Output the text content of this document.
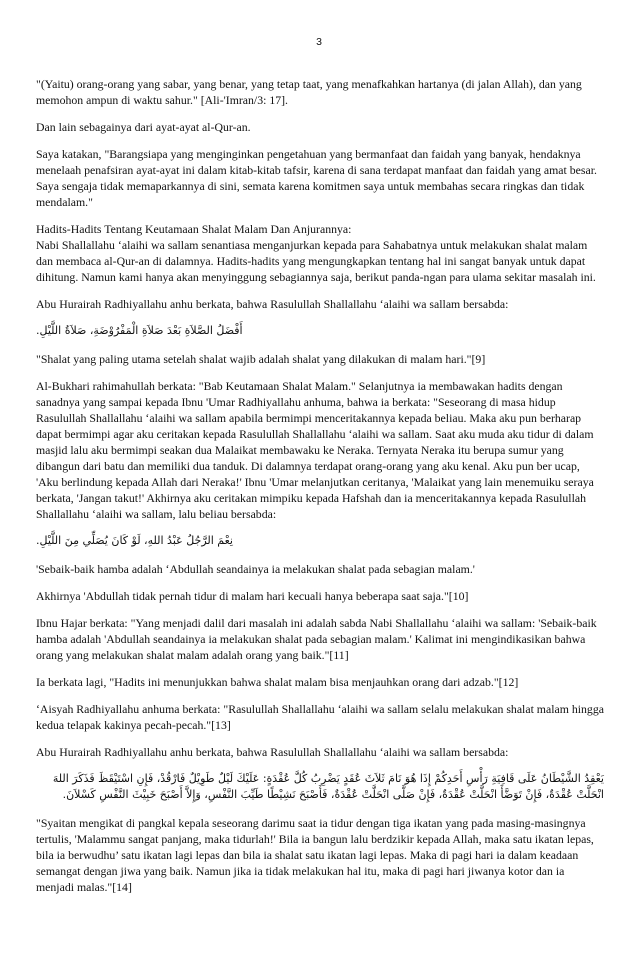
3

"(Yaitu) orang-orang yang sabar, yang benar, yang tetap taat, yang menafkahkan hartanya (di jalan Allah), dan yang memohon ampun di waktu sahur." [Ali-'Imran/3: 17].

Dan lain sebagainya dari ayat-ayat al-Qur-an.

Saya katakan, "Barangsiapa yang menginginkan pengetahuan yang bermanfaat dan faidah yang banyak, hendaknya menelaah penafsiran ayat-ayat ini dalam kitab-kitab tafsir, karena di sana terdapat manfaat dan faidah yang amat besar. Saya sengaja tidak memaparkannya di sini, semata karena komitmen saya untuk membahas secara ringkas dan tidak mendalam."

Hadits-Hadits Tentang Keutamaan Shalat Malam Dan Anjurannya:
Nabi Shallallahu ‘alaihi wa sallam senantiasa menganjurkan kepada para Sahabatnya untuk melakukan shalat malam dan membaca al-Qur-an di dalamnya. Hadits-hadits yang mengungkapkan tentang hal ini sangat banyak untuk dapat dihitung. Namun kami hanya akan menyinggung sebagiannya saja, berikut panda-ngan para ulama sekitar masalah ini.

Abu Hurairah Radhiyallahu anhu berkata, bahwa Rasulullah Shallallahu ‘alaihi wa sallam bersabda:

أَفْضَلُ الصَّلاَةِ بَعْدَ صَلاَةِ الْمَفْرُوْضَةِ، صَلاَةُ اللَّيْلِ.

"Shalat yang paling utama setelah shalat wajib adalah shalat yang dilakukan di malam hari."[9]

Al-Bukhari rahimahullah berkata: "Bab Keutamaan Shalat Malam." Selanjutnya ia membawakan hadits dengan sanadnya yang sampai kepada Ibnu 'Umar Radhiyallahu anhuma, bahwa ia berkata: "Seseorang di masa hidup Rasulullah Shallallahu ‘alaihi wa sallam apabila bermimpi menceritakannya kepada beliau. Maka aku pun berharap dapat bermimpi agar aku ceritakan kepada Rasulullah Shallallahu ‘alaihi wa sallam. Saat aku muda aku tidur di dalam masjid lalu aku bermimpi seakan dua Malaikat membawaku ke Neraka. Ternyata Neraka itu berupa sumur yang dibangun dari batu dan memiliki dua tanduk. Di dalamnya terdapat orang-orang yang aku kenal. Aku pun ber ucap, 'Aku berlindung kepada Allah dari Neraka!' Ibnu 'Umar melanjutkan ceritanya, 'Malaikat yang lain menemuiku seraya berkata, 'Jangan takut!' Akhirnya aku ceritakan mimpiku kepada Hafshah dan ia menceritakannya kepada Rasulullah Shallallahu ‘alaihi wa sallam, lalu beliau bersabda:

نِعْمَ الرَّجُلُ عَبْدُ اللهِ، لَوْ كَانَ يُصَلِّي مِنَ اللَّيْلِ.

'Sebaik-baik hamba adalah ‘Abdullah seandainya ia melakukan shalat pada sebagian malam.'

Akhirnya 'Abdullah tidak pernah tidur di malam hari kecuali hanya beberapa saat saja."[10]

Ibnu Hajar berkata: "Yang menjadi dalil dari masalah ini adalah sabda Nabi Shallallahu ‘alaihi wa sallam: 'Sebaik-baik hamba adalah 'Abdullah seandainya ia melakukan shalat pada sebagian malam.' Kalimat ini mengindikasikan bahwa orang yang melakukan shalat malam adalah orang yang baik."[11]

Ia berkata lagi, "Hadits ini menunjukkan bahwa shalat malam bisa menjauhkan orang dari adzab."[12]

‘Aisyah Radhiyallahu anhuma berkata: "Rasulullah Shallallahu ‘alaihi wa sallam selalu melakukan shalat malam hingga kedua telapak kakinya pecah-pecah."[13]

Abu Hurairah Radhiyallahu anhu berkata, bahwa Rasulullah Shallallahu ‘alaihi wa sallam bersabda:

يَعْقِدُ الشَّيْطَانُ عَلَى قَافِيَةِ رَأْسِ أَحَدِكُمْ إِذَا هُوَ نَامَ ثَلاَثَ عُقَدٍ يَضْرِبُ كُلَّ عُقْدَةٍ: عَلَيْكَ لَيْلٌ طَوِيْلٌ فَارْقُدْ، فَإِنِ اسْتَيْقَظَ فَذَكَرَ اللهَ انْحَلَّتْ عُقْدَةٌ، فَإِنْ تَوَضَّأَ انْحَلَّتْ عُقْدَةٌ، فَإِنْ صَلَّى انْحَلَّتْ عُقْدَةٌ، فَأَصْبَحَ نَشِيْطًا طَيِّبَ النَّفْسِ، وَإِلاَّ أَصْبَحَ خَبِيْثَ النَّفْسِ كَسْلاَنَ.

"Syaitan mengikat di pangkal kepala seseorang darimu saat ia tidur dengan tiga ikatan yang pada masing-masingnya tertulis, 'Malammu sangat panjang, maka tidurlah!' Bila ia bangun lalu berdzikir kepada Allah, maka satu ikatan lepas, bila ia berwudhu’ satu ikatan lagi lepas dan bila ia shalat satu ikatan lagi lepas. Maka di pagi hari ia dalam keadaan semangat dengan jiwa yang baik. Namun jika ia tidak melakukan hal itu, maka di pagi hari jiwanya kotor dan ia menjadi malas."[14]
